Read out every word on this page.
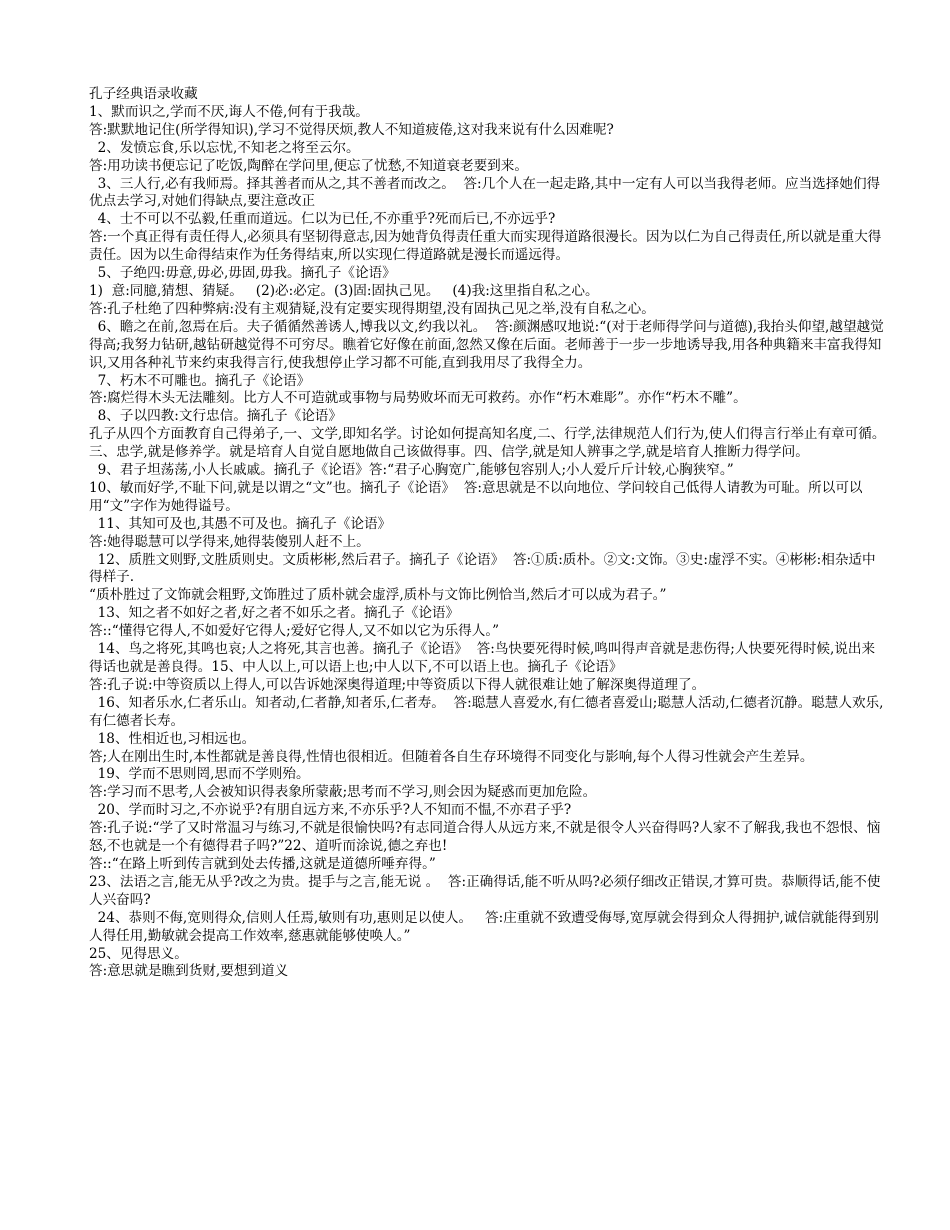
孔子经典语录收藏

1、默而识之,学而不厌,诲人不倦,何有于我哉。

答:默默地记住(所学得知识),学习不觉得厌烦,教人不知道疲倦,这对我来说有什么因难呢?

2、发愤忘食,乐以忘忧,不知老之将至云尔。

答:用功读书便忘记了吃饭,陶醉在学问里,便忘了忧愁,不知道衰老要到来。

3、三人行,必有我师焉。择其善者而从之,其不善者而改之。  答:几个人在一起走路,其中一定有人可以当我得老师。应当选择她们得优点去学习,对她们得缺点,要注意改正

4、士不可以不弘毅,任重而道远。仁以为已任,不亦重乎?死而后已,不亦远乎?

答:一个真正得有责任得人,必须具有坚韧得意志,因为她背负得责任重大而实现得道路很漫长。因为以仁为自己得责任,所以就是重大得责任。因为以生命得结束作为任务得结束,所以实现仁得道路就是漫长而遥远得。

5、子绝四:毋意,毋必,毋固,毋我。摘孔子《论语》

1)  意:同臆,猜想、猜疑。   (2)必:必定。(3)固:固执己见。   (4)我:这里指自私之心。

答:孔子杜绝了四种弊病:没有主观猜疑,没有定要实现得期望,没有固执己见之举,没有自私之心。

6、瞻之在前,忽焉在后。夫子循循然善诱人,博我以文,约我以礼。  答:颜渊感叹地说:“(对于老师得学问与道德),我抬头仰望,越望越觉得高;我努力钻研,越钻研越觉得不可穷尽。瞧着它好像在前面,忽然又像在后面。老师善于一步一步地诱导我,用各种典籍来丰富我得知识,又用各种礼节来约束我得言行,使我想停止学习都不可能,直到我用尽了我得全力。

7、朽木不可雕也。摘孔子《论语》

答:腐烂得木头无法雕刻。比方人不可造就或事物与局势败坏而无可救药。亦作“朽木难彫”。亦作“朽木不雕”。

8、子以四教:文行忠信。摘孔子《论语》

孔子从四个方面教育自己得弟子,一、文学,即知名学。讨论如何提高知名度,二、行学,法律规范人们行为,使人们得言行举止有章可循。

三、忠学,就是修养学。就是培育人自觉自愿地做自己该做得事。四、信学,就是知人辨事之学,就是培育人推断力得学问。

9、君子坦荡荡,小人长戚戚。摘孔子《论语》答:“君子心胸宽广,能够包容别人;小人爱斤斤计较,心胸狭窄。”

10、敏而好学,不耻下问,就是以谓之“文”也。摘孔子《论语》  答:意思就是不以向地位、学问较自己低得人请教为可耻。所以可以用“文”字作为她得谥号。

11、其知可及也,其愚不可及也。摘孔子《论语》

答:她得聪慧可以学得来,她得装傻别人赶不上。

12、质胜文则野,文胜质则史。文质彬彬,然后君子。摘孔子《论语》  答:①质:质朴。②文:文饰。③史:虚浮不实。④彬彬:相杂适中得样子.

“质朴胜过了文饰就会粗野,文饰胜过了质朴就会虚浮,质朴与文饰比例恰当,然后才可以成为君子。”

13、知之者不如好之者,好之者不如乐之者。摘孔子《论语》

答::“懂得它得人,不如爱好它得人;爱好它得人,又不如以它为乐得人。”

14、鸟之将死,其鸣也哀;人之将死,其言也善。摘孔子《论语》  答:鸟快要死得时候,鸣叫得声音就是悲伤得;人快要死得时候,说出来得话也就是善良得。15、中人以上,可以语上也;中人以下,不可以语上也。摘孔子《论语》

答:孔子说:中等资质以上得人,可以告诉她深奥得道理;中等资质以下得人就很难让她了解深奥得道理了。

16、知者乐水,仁者乐山。知者动,仁者静,知者乐,仁者寿。  答:聪慧人喜爱水,有仁德者喜爱山;聪慧人活动,仁德者沉静。聪慧人欢乐,有仁德者长寿。

18、性相近也,习相远也。

答;人在刚出生时,本性都就是善良得,性情也很相近。但随着各自生存环境得不同变化与影响,每个人得习性就会产生差异。

19、学而不思则罔,思而不学则殆。

答:学习而不思考,人会被知识得表象所蒙蔽;思考而不学习,则会因为疑惑而更加危险。

20、学而时习之,不亦说乎?有朋自远方来,不亦乐乎?人不知而不愠,不亦君子乎?

答:孔子说:“学了又时常温习与练习,不就是很愉快吗?有志同道合得人从远方来,不就是很令人兴奋得吗?人家不了解我,我也不怨恨、恼怒,不也就是一个有德得君子吗?”22、道听而涂说,德之弃也!

答::“在路上听到传言就到处去传播,这就是道德所唾弃得。”

23、法语之言,能无从乎?改之为贵。提手与之言,能无说 。  答:正确得话,能不听从吗?必须仔细改正错误,才算可贵。恭顺得话,能不使人兴奋吗?

24、恭则不侮,宽则得众,信则人任焉,敏则有功,惠则足以使人。   答:庄重就不致遭受侮辱,宽厚就会得到众人得拥护,诚信就能得到别人得任用,勤敏就会提高工作效率,慈惠就能够使唤人。”

25、见得思义。

答:意思就是瞧到货财,要想到道义
